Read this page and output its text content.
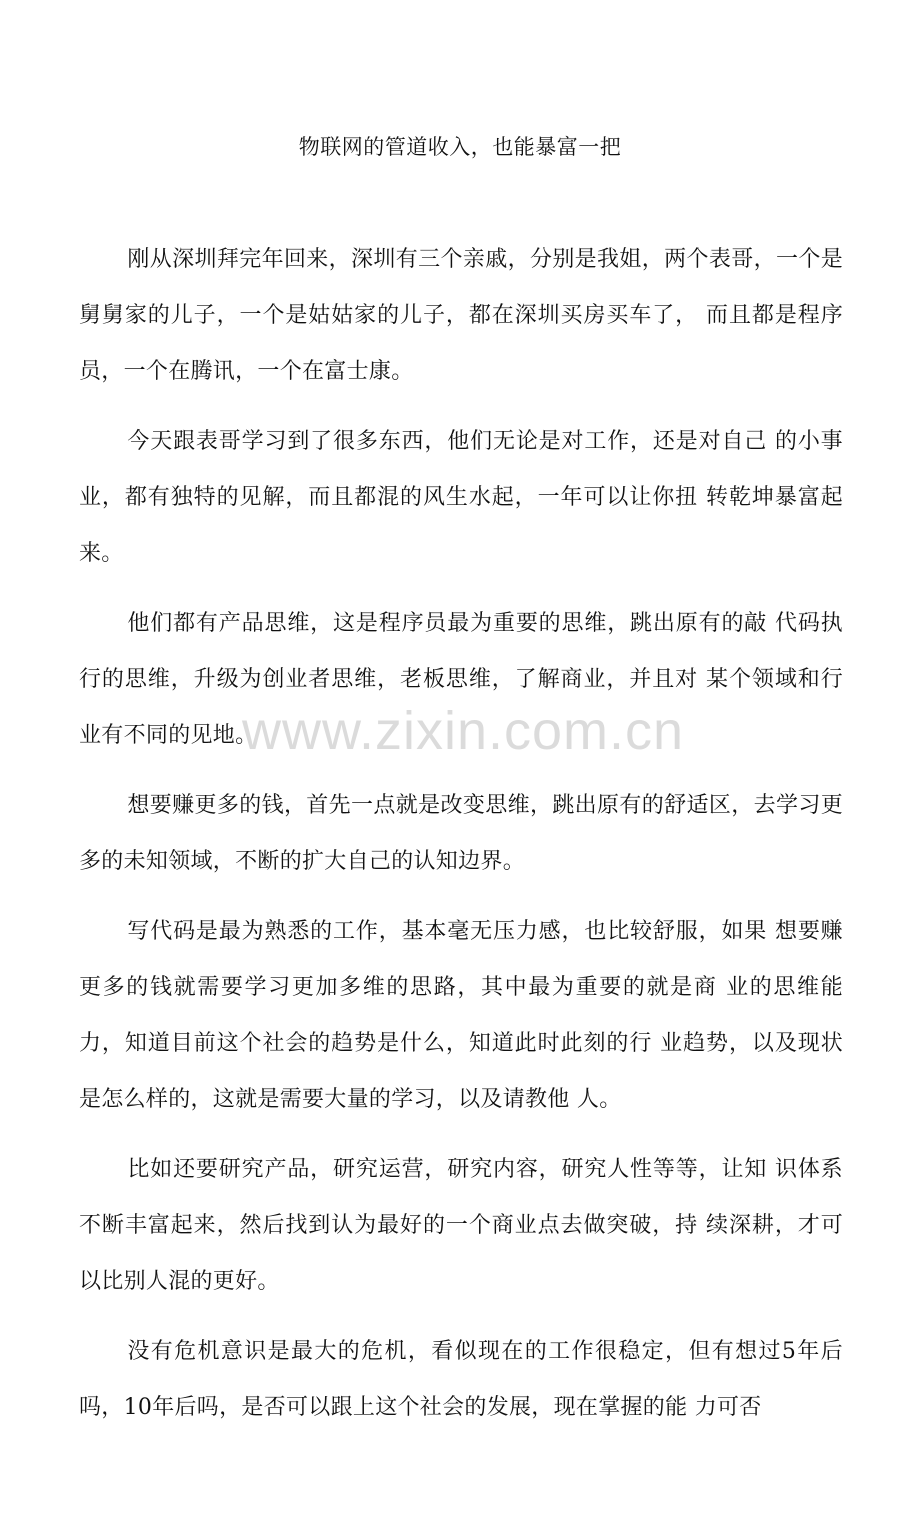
物联网的管道收入，也能暴富一把

刚从深圳拜完年回来，深圳有三个亲戚，分别是我姐，两个表哥，一个是舅舅家的儿子，一个是姑姑家的儿子，都在深圳买房买车了， 而且都是程序员，一个在腾讯，一个在富士康。

今天跟表哥学习到了很多东西，他们无论是对工作，还是对自己 的小事业，都有独特的见解，而且都混的风生水起，一年可以让你扭 转乾坤暴富起来。

他们都有产品思维，这是程序员最为重要的思维，跳出原有的敲 代码执行的思维，升级为创业者思维，老板思维，了解商业，并且对 某个领域和行业有不同的见地。

想要赚更多的钱，首先一点就是改变思维，跳出原有的舒适区，去学习更多的未知领域，不断的扩大自己的认知边界。

写代码是最为熟悉的工作，基本毫无压力感，也比较舒服，如果 想要赚更多的钱就需要学习更加多维的思路，其中最为重要的就是商 业的思维能力，知道目前这个社会的趋势是什么，知道此时此刻的行 业趋势，以及现状是怎么样的，这就是需要大量的学习，以及请教他 人。

比如还要研究产品，研究运营，研究内容，研究人性等等，让知 识体系不断丰富起来，然后找到认为最好的一个商业点去做突破，持 续深耕，才可以比别人混的更好。

没有危机意识是最大的危机，看似现在的工作很稳定，但有想过5年后吗，10年后吗，是否可以跟上这个社会的发展，现在掌握的能 力可否

www.zixin.com.cn
